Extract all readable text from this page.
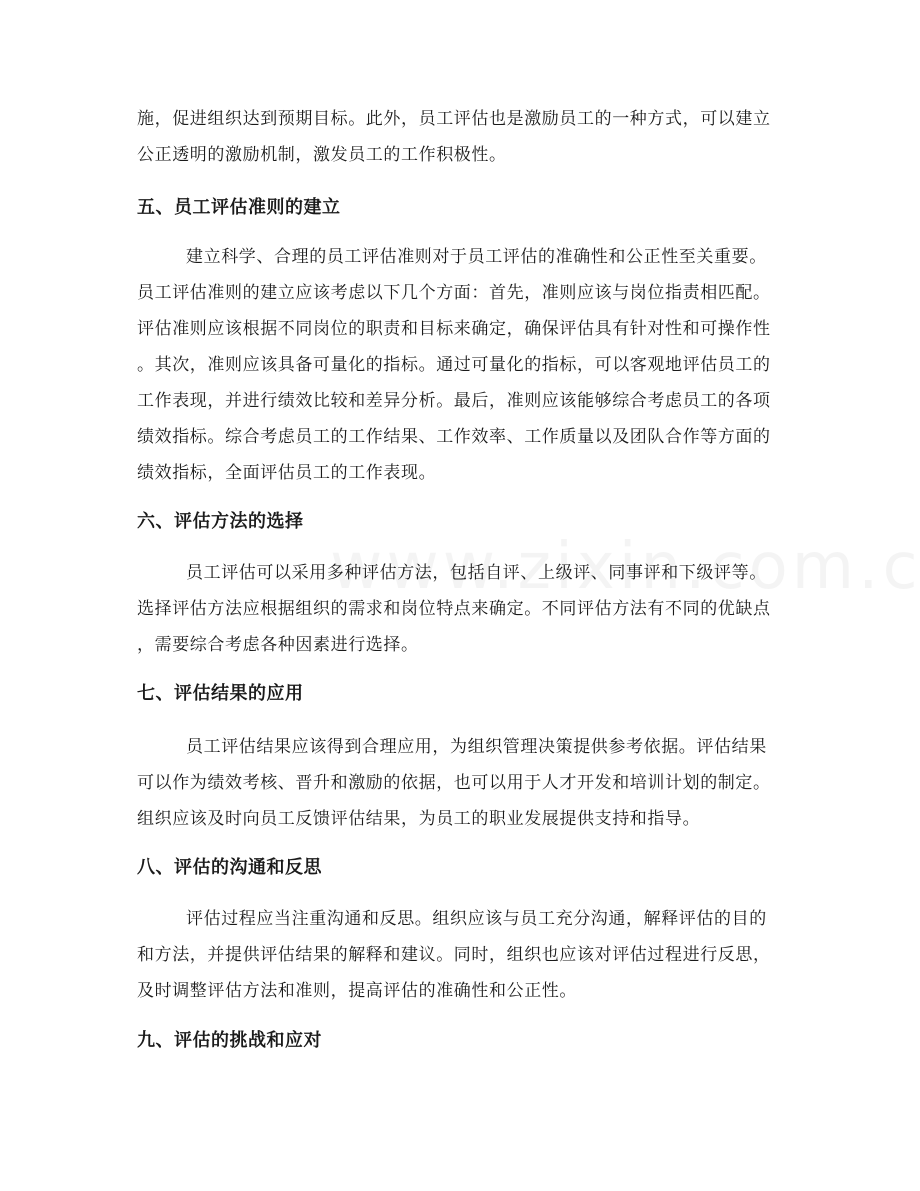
施，促进组织达到预期目标。此外，员工评估也是激励员工的一种方式，可以建立
公正透明的激励机制，激发员工的工作积极性。
五、员工评估准则的建立
建立科学、合理的员工评估准则对于员工评估的准确性和公正性至关重要。
员工评估准则的建立应该考虑以下几个方面：首先，准则应该与岗位指责相匹配。
评估准则应该根据不同岗位的职责和目标来确定，确保评估具有针对性和可操作性
。其次，准则应该具备可量化的指标。通过可量化的指标，可以客观地评估员工的
工作表现，并进行绩效比较和差异分析。最后，准则应该能够综合考虑员工的各项
绩效指标。综合考虑员工的工作结果、工作效率、工作质量以及团队合作等方面的
绩效指标，全面评估员工的工作表现。
六、评估方法的选择
员工评估可以采用多种评估方法，包括自评、上级评、同事评和下级评等。
选择评估方法应根据组织的需求和岗位特点来确定。不同评估方法有不同的优缺点
，需要综合考虑各种因素进行选择。
七、评估结果的应用
员工评估结果应该得到合理应用，为组织管理决策提供参考依据。评估结果
可以作为绩效考核、晋升和激励的依据，也可以用于人才开发和培训计划的制定。
组织应该及时向员工反馈评估结果，为员工的职业发展提供支持和指导。
八、评估的沟通和反思
评估过程应当注重沟通和反思。组织应该与员工充分沟通，解释评估的目的
和方法，并提供评估结果的解释和建议。同时，组织也应该对评估过程进行反思，
及时调整评估方法和准则，提高评估的准确性和公正性。
九、评估的挑战和应对
